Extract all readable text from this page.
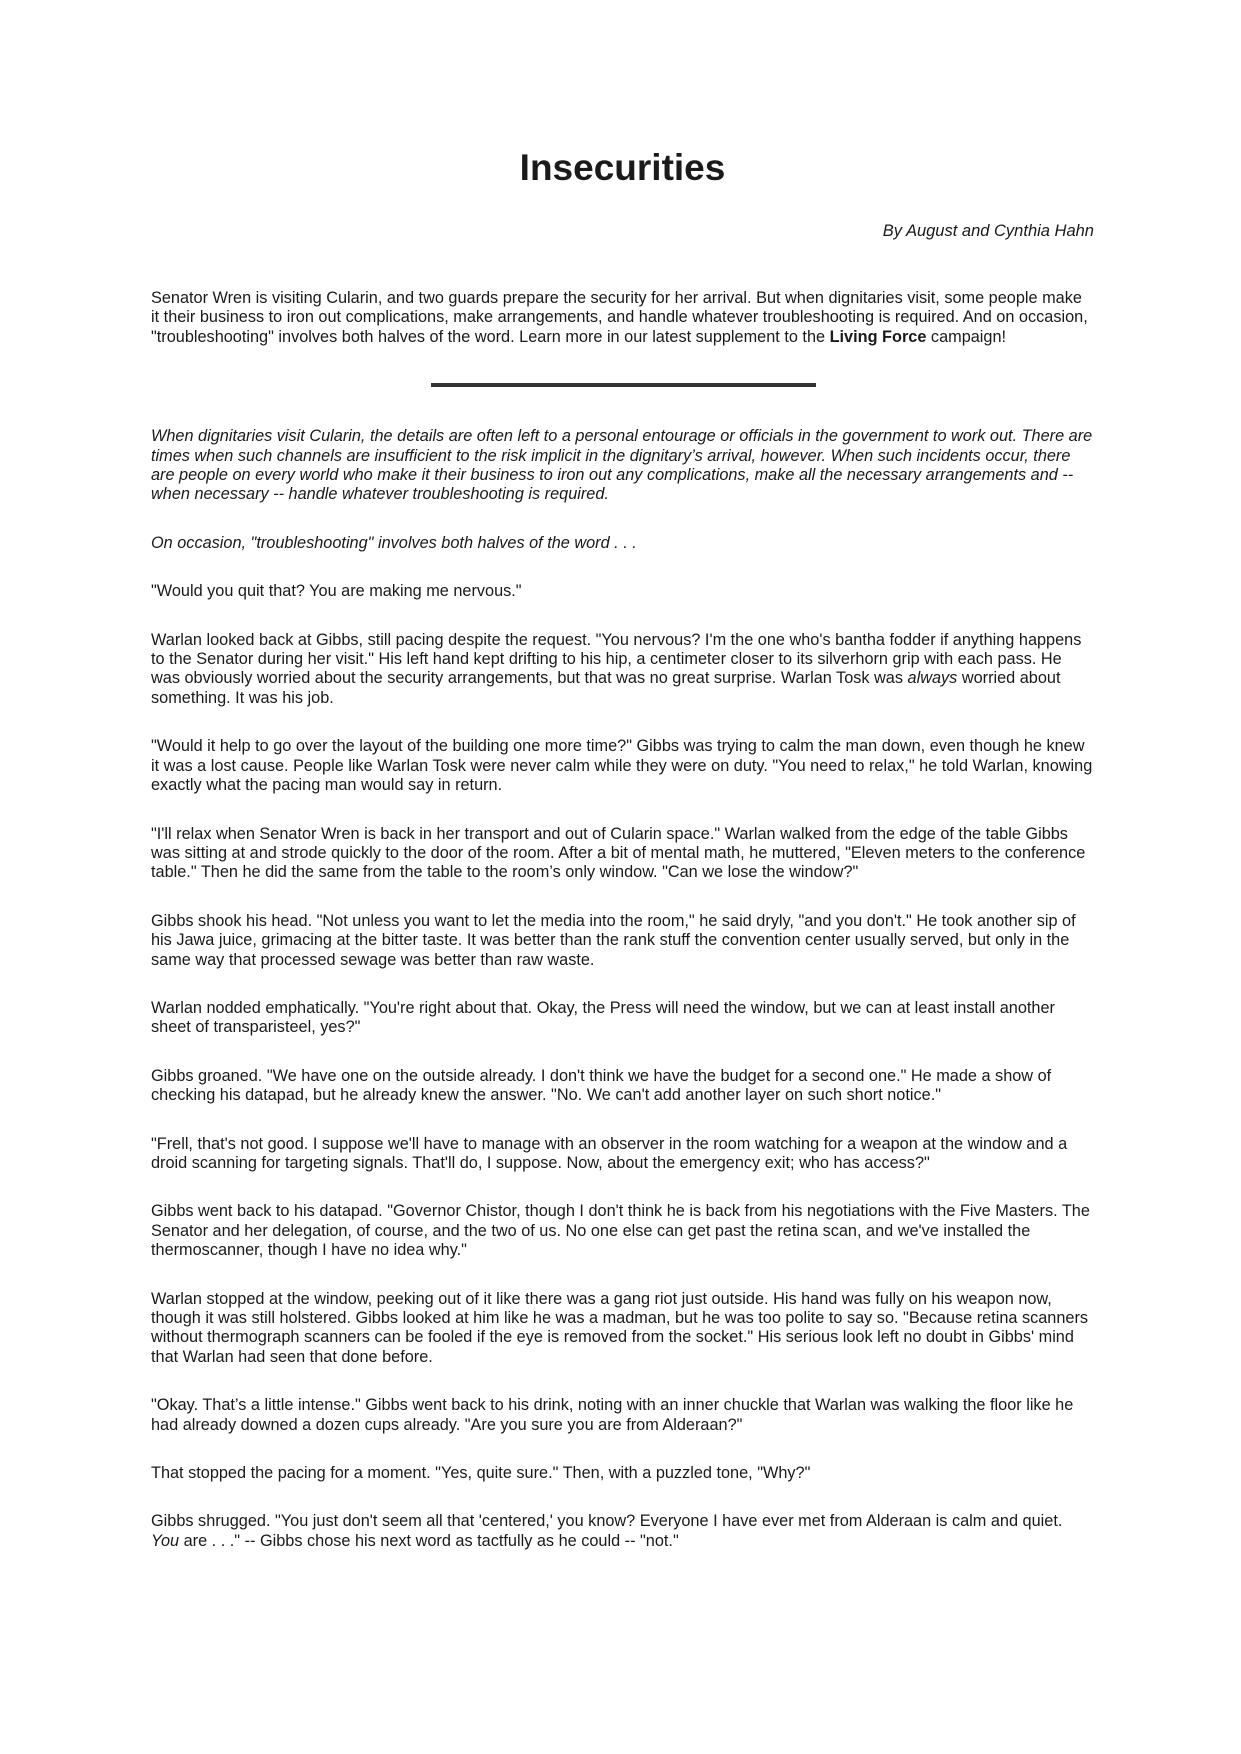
Insecurities
By August and Cynthia Hahn

Senator Wren is visiting Cularin, and two guards prepare the security for her arrival. But when dignitaries visit, some people make it their business to iron out complications, make arrangements, and handle whatever troubleshooting is required. And on occasion, "troubleshooting" involves both halves of the word. Learn more in our latest supplement to the Living Force campaign!

When dignitaries visit Cularin, the details are often left to a personal entourage or officials in the government to work out. There are times when such channels are insufficient to the risk implicit in the dignitary’s arrival, however. When such incidents occur, there are people on every world who make it their business to iron out any complications, make all the necessary arrangements and -- when necessary -- handle whatever troubleshooting is required.

On occasion, "troubleshooting" involves both halves of the word . . .

"Would you quit that? You are making me nervous."

Warlan looked back at Gibbs, still pacing despite the request. "You nervous? I'm the one who's bantha fodder if anything happens to the Senator during her visit." His left hand kept drifting to his hip, a centimeter closer to its silverhorn grip with each pass. He was obviously worried about the security arrangements, but that was no great surprise. Warlan Tosk was always worried about something. It was his job.

"Would it help to go over the layout of the building one more time?" Gibbs was trying to calm the man down, even though he knew it was a lost cause. People like Warlan Tosk were never calm while they were on duty. "You need to relax," he told Warlan, knowing exactly what the pacing man would say in return.

"I'll relax when Senator Wren is back in her transport and out of Cularin space." Warlan walked from the edge of the table Gibbs was sitting at and strode quickly to the door of the room. After a bit of mental math, he muttered, "Eleven meters to the conference table." Then he did the same from the table to the room’s only window. "Can we lose the window?"

Gibbs shook his head. "Not unless you want to let the media into the room," he said dryly, "and you don't." He took another sip of his Jawa juice, grimacing at the bitter taste. It was better than the rank stuff the convention center usually served, but only in the same way that processed sewage was better than raw waste.

Warlan nodded emphatically. "You're right about that. Okay, the Press will need the window, but we can at least install another sheet of transparisteel, yes?"

Gibbs groaned. "We have one on the outside already. I don't think we have the budget for a second one." He made a show of checking his datapad, but he already knew the answer. "No. We can't add another layer on such short notice."

"Frell, that's not good. I suppose we'll have to manage with an observer in the room watching for a weapon at the window and a droid scanning for targeting signals. That'll do, I suppose. Now, about the emergency exit; who has access?"

Gibbs went back to his datapad. "Governor Chistor, though I don't think he is back from his negotiations with the Five Masters. The Senator and her delegation, of course, and the two of us. No one else can get past the retina scan, and we've installed the thermoscanner, though I have no idea why."

Warlan stopped at the window, peeking out of it like there was a gang riot just outside. His hand was fully on his weapon now, though it was still holstered. Gibbs looked at him like he was a madman, but he was too polite to say so. "Because retina scanners without thermograph scanners can be fooled if the eye is removed from the socket." His serious look left no doubt in Gibbs' mind that Warlan had seen that done before.

"Okay. That’s a little intense." Gibbs went back to his drink, noting with an inner chuckle that Warlan was walking the floor like he had already downed a dozen cups already. "Are you sure you are from Alderaan?"

That stopped the pacing for a moment. "Yes, quite sure." Then, with a puzzled tone, "Why?"

Gibbs shrugged. "You just don't seem all that 'centered,' you know? Everyone I have ever met from Alderaan is calm and quiet. You are . . ." -- Gibbs chose his next word as tactfully as he could -- "not."
